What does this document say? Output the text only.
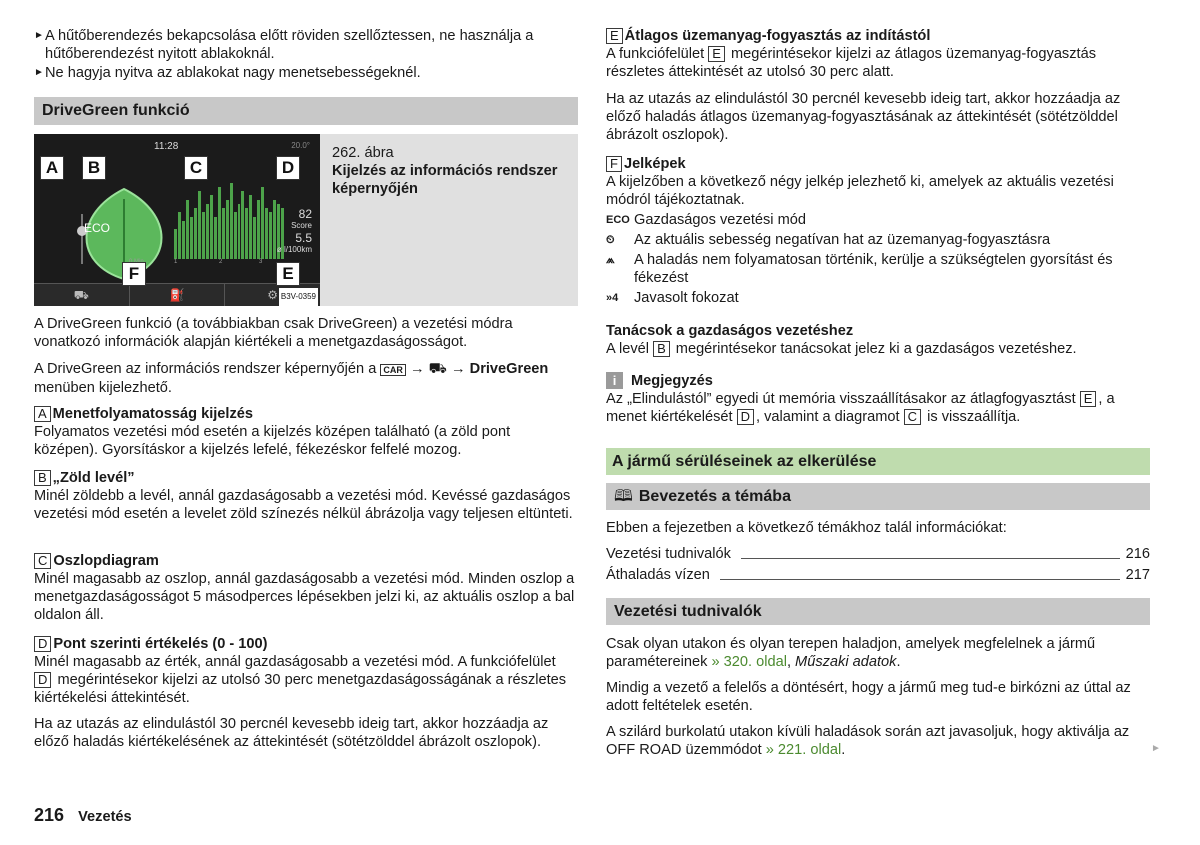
► A hűtőberendezés bekapcsolása előtt röviden szellőztessen, ne használja a hűtőberendezést nyitott ablakoknál.

► Ne hagyja nyitva az ablakokat nagy menetsebességeknél.

DriveGreen funkció
11:28	20.0°
ECO
82
Score
5.5
ø l/100km
1	2	3
⛟	⛽	⚙ B3V-0359
A	B	C	D
F	E

262. ábra

Kijelzés az információs rendszer képernyőjén

A DriveGreen funkció (a továbbiakban csak DriveGreen) a vezetési módra vonatkozó információk alapján kiértékeli a menetgazdaságosságot.

A DriveGreen az információs rendszer képernyőjén a CAR → ⛟ → DriveGreen menüben kijelezhető.

A Menetfolyamatosság kijelzés

Folyamatos vezetési mód esetén a kijelzés középen található (a zöld pont középen). Gyorsításkor a kijelzés lefelé, fékezéskor felfelé mozog.

B „Zöld levél”

Minél zöldebb a levél, annál gazdaságosabb a vezetési mód. Kevéssé gazdaságos vezetési mód esetén a levelet zöld színezés nélkül ábrázolja vagy teljesen eltünteti.

C Oszlopdiagram

Minél magasabb az oszlop, annál gazdaságosabb a vezetési mód. Minden oszlop a menetgazdaságosságot 5 másodperces lépésekben jelzi ki, az aktuális oszlop a bal oldalon áll.

D Pont szerinti értékelés (0 - 100)

Minél magasabb az érték, annál gazdaságosabb a vezetési mód. A funkciófelület D megérintésekor kijelzi az utolsó 30 perc menetgazdaságosságának a részletes kiértékelési áttekintését.

Ha az utazás az elindulástól 30 percnél kevesebb ideig tart, akkor hozzáadja az előző haladás kiértékelésének az áttekintését (sötétzölddel ábrázolt oszlopok).

216 Vezetés

E Átlagos üzemanyag-fogyasztás az indítástól

A funkciófelület E megérintésekor kijelzi az átlagos üzemanyag-fogyasztás részletes áttekintését az utolsó 30 perc alatt.

Ha az utazás az elindulástól 30 percnél kevesebb ideig tart, akkor hozzáadja az előző haladás átlagos üzemanyag-fogyasztásának az áttekintését (sötétzölddel ábrázolt oszlopok).

F Jelképek

A kijelzőben a következő négy jelkép jelezhető ki, amelyek az aktuális vezetési módról tájékoztatnak.

ECO Gazdaságos vezetési mód
⏲	Az aktuális sebesség negatívan hat az üzemanyag-fogyasztásra
⩕	A haladás nem folyamatosan történik, kerülje a szükségtelen gyorsítást és fékezést
»4	Javasolt fokozat

Tanácsok a gazdaságos vezetéshez

A levél B megérintésekor tanácsokat jelez ki a gazdaságos vezetéshez.

i Megjegyzés

Az „Elindulástól” egyedi út memória visszaállításakor az átlagfogyasztást E , a menet kiértékelését D , valamint a diagramot C is visszaállítja.

A jármű sérüléseinek az elkerülése
🕮 Bevezetés a témába

Ebben a fejezetben a következő témákhoz talál információkat:

Vezetési tudnivalók	216
Áthaladás vízen	217
Vezetési tudnivalók

Csak olyan utakon és olyan terepen haladjon, amelyek megfelelnek a jármű paramétereinek » 320. oldal, Műszaki adatok.

Mindig a vezető a felelős a döntésért, hogy a jármű meg tud-e birkózni az úttal az adott feltételek esetén.

A szilárd burkolatú utakon kívüli haladások során azt javasoljuk, hogy aktiválja az OFF ROAD üzemmódot » 221. oldal.	►
